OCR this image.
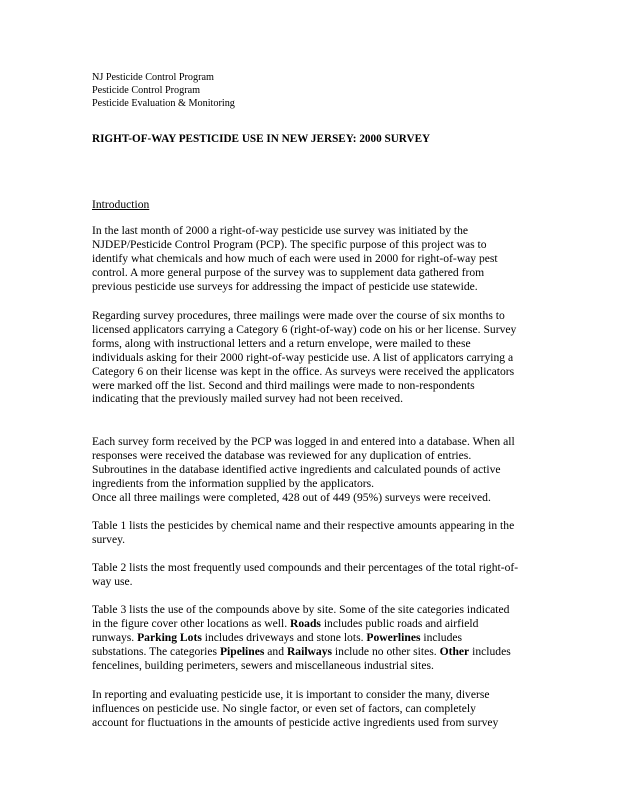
NJ Pesticide Control Program
Pesticide Control Program
Pesticide Evaluation & Monitoring
RIGHT-OF-WAY PESTICIDE USE IN NEW JERSEY: 2000 SURVEY
Introduction
In the last month of 2000 a right-of-way pesticide use survey was initiated by the
NJDEP/Pesticide Control Program (PCP). The specific purpose of this project was to
identify what chemicals and how much of each were used in 2000 for right-of-way pest
control. A more general purpose of the survey was to supplement data gathered from
previous pesticide use surveys for addressing the impact of pesticide use statewide.
Regarding survey procedures, three mailings were made over the course of six months to
licensed applicators carrying a Category 6 (right-of-way) code on his or her license. Survey
forms, along with instructional letters and a return envelope, were mailed to these
individuals asking for their 2000 right-of-way pesticide use. A list of applicators carrying a
Category 6 on their license was kept in the office. As surveys were received the applicators
were marked off the list. Second and third mailings were made to non-respondents
indicating that the previously mailed survey had not been received.
Each survey form received by the PCP was logged in and entered into a database. When all
responses were received the database was reviewed for any duplication of entries.
Subroutines in the database identified active ingredients and calculated pounds of active
ingredients from the information supplied by the applicators.
Once all three mailings were completed, 428 out of 449 (95%) surveys were received.
Table 1 lists the pesticides by chemical name and their respective amounts appearing in the
survey.
Table 2 lists the most frequently used compounds and their percentages of the total right-of-
way use.
Table 3 lists the use of the compounds above by site. Some of the site categories indicated
in the figure cover other locations as well. Roads includes public roads and airfield
runways. Parking Lots includes driveways and stone lots. Powerlines includes
substations. The categories Pipelines and Railways include no other sites. Other includes
fencelines, building perimeters, sewers and miscellaneous industrial sites.
In reporting and evaluating pesticide use, it is important to consider the many, diverse
influences on pesticide use. No single factor, or even set of factors, can completely
account for fluctuations in the amounts of pesticide active ingredients used from survey
